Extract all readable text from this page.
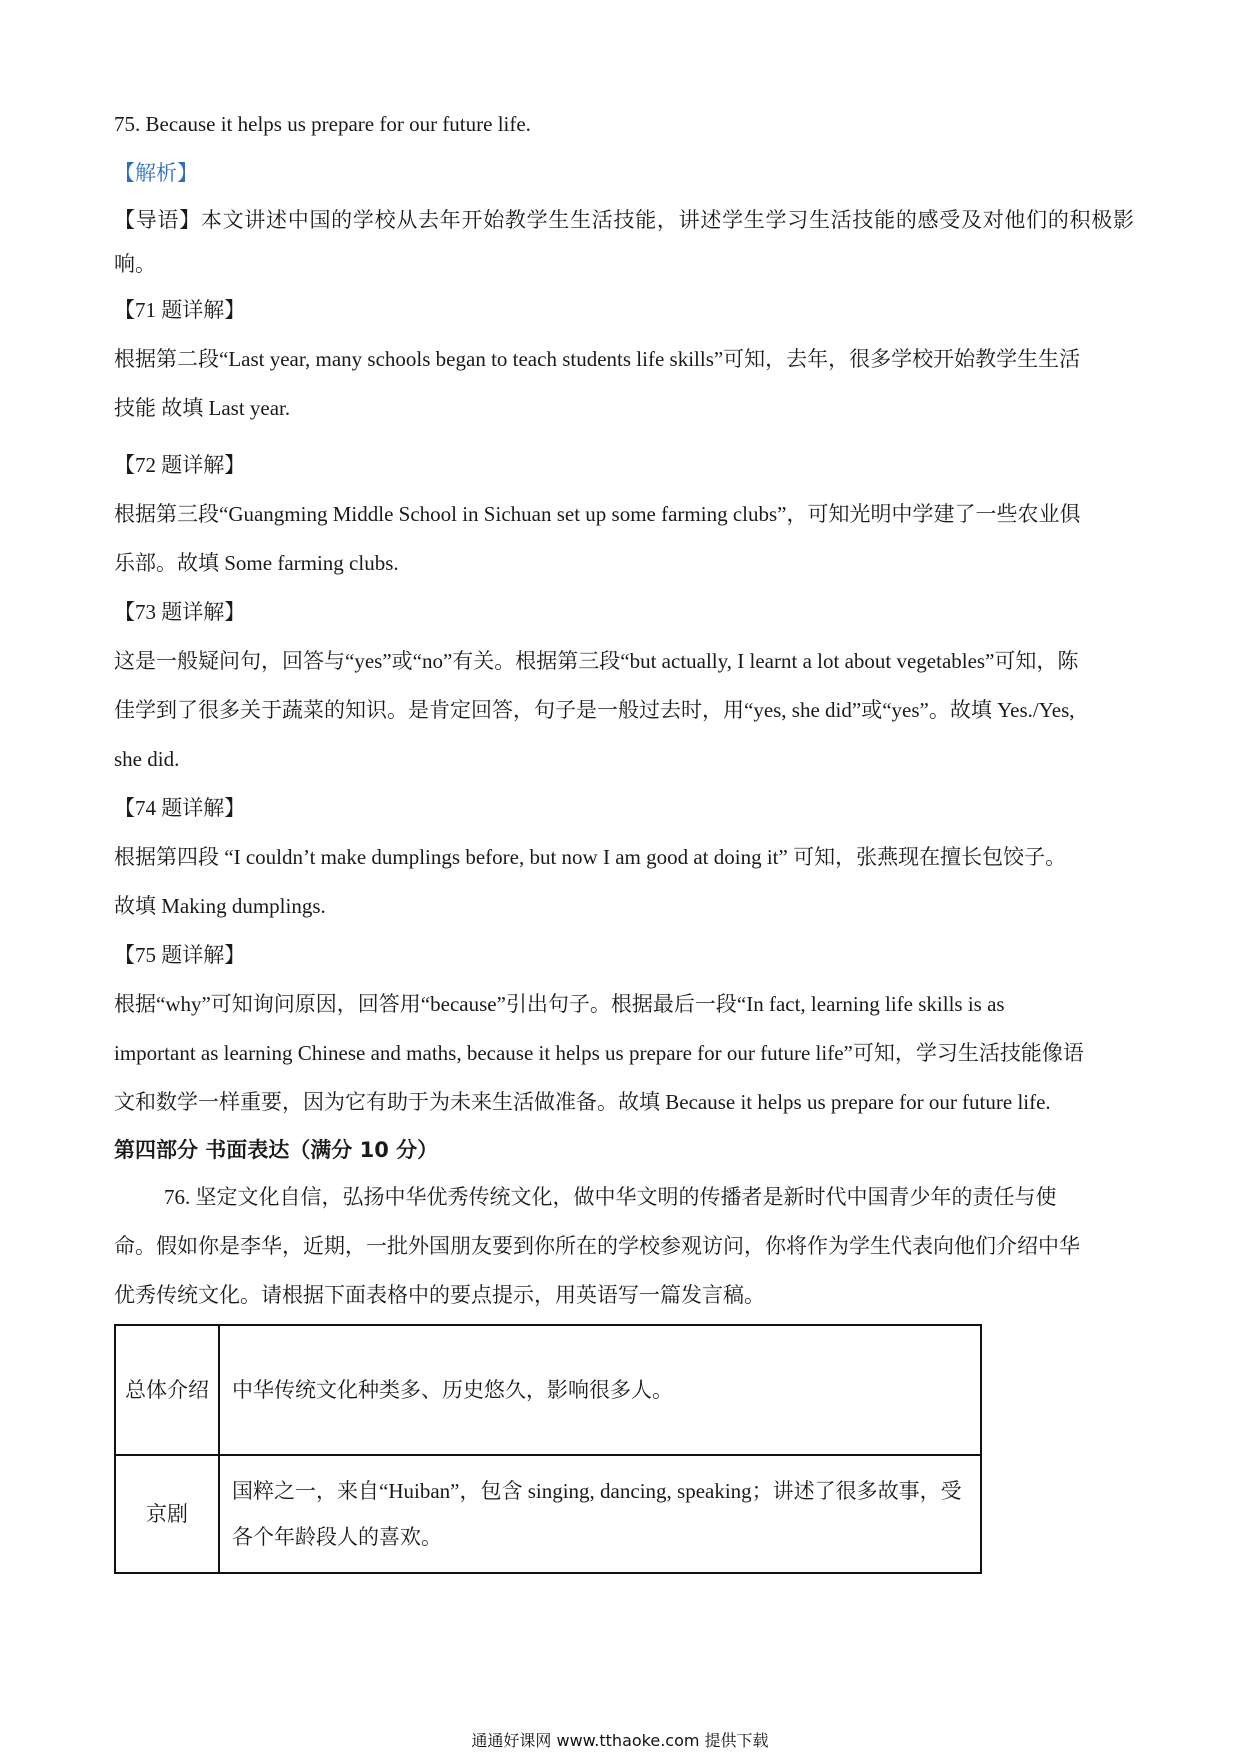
75. Because it helps us prepare for our future life.
【解析】
【导语】本文讲述中国的学校从去年开始教学生生活技能，讲述学生学习生活技能的感受及对他们的积极影响。
【71 题详解】
根据第二段“Last year, many schools began to teach students life skills”可知，去年，很多学校开始教学生生活
技能 故填 Last year.
【72 题详解】
根据第三段“Guangming Middle School in Sichuan set up some farming clubs”，可知光明中学建了一些农业俱
乐部。故填 Some farming clubs.
【73 题详解】
这是一般疑问句，回答与“yes”或“no”有关。根据第三段“but actually, I learnt a lot about vegetables”可知，陈
佳学到了很多关于蔬菜的知识。是肯定回答，句子是一般过去时，用“yes, she did”或“yes”。故填 Yes./Yes,
she did.
【74 题详解】
根据第四段 “I couldn’t make dumplings before, but now I am good at doing it” 可知，张燕现在擅长包饺子。
故填 Making dumplings.
【75 题详解】
根据“why”可知询问原因，回答用“because”引出句子。根据最后一段“In fact, learning life skills is as
important as learning Chinese and maths, because it helps us prepare for our future life”可知，学习生活技能像语
文和数学一样重要，因为它有助于为未来生活做准备。故填 Because it helps us prepare for our future life.
第四部分 书面表达（满分 10 分）
76. 坚定文化自信，弘扬中华优秀传统文化，做中华文明的传播者是新时代中国青少年的责任与使
命。假如你是李华，近期，一批外国朋友要到你所在的学校参观访问，你将作为学生代表向他们介绍中华
优秀传统文化。请根据下面表格中的要点提示，用英语写一篇发言稿。
总体介绍	中华传统文化种类多、历史悠久，影响很多人。
京剧	国粹之一，来自“Huiban”，包含 singing, dancing, speaking；讲述了很多故事，受各个年龄段人的喜欢。
通通好课网 www.tthaoke.com 提供下载
